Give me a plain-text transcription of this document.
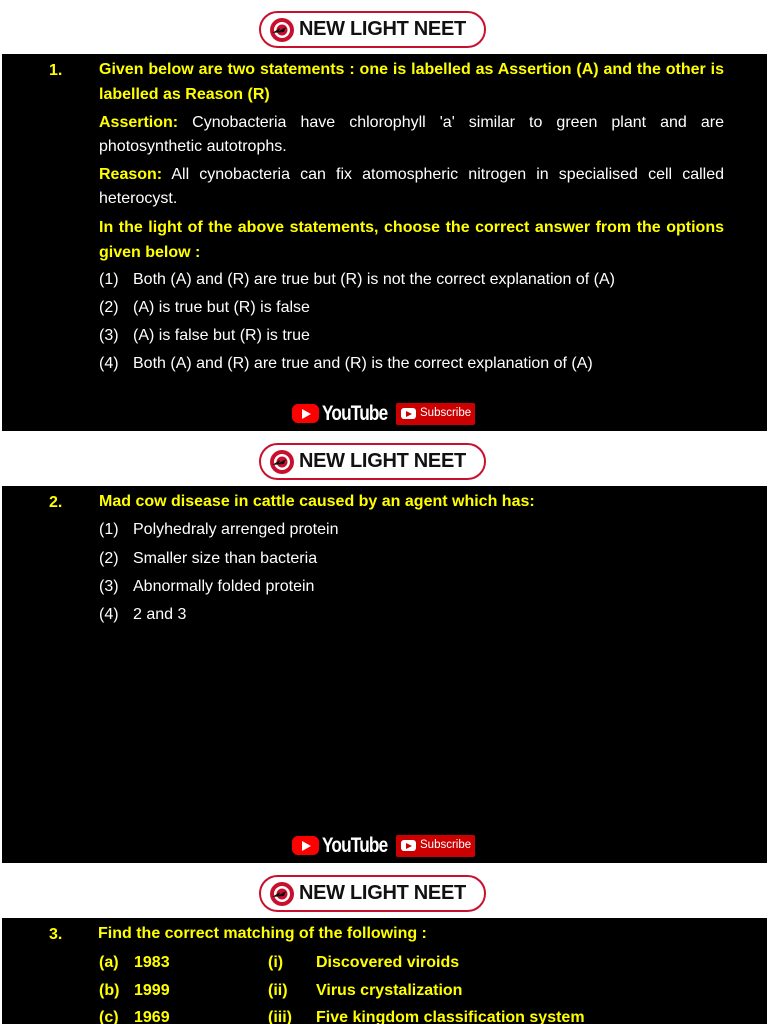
NEW LIGHT NEET
1. Given below are two statements : one is labelled as Assertion (A) and the other is labelled as Reason (R)
Assertion: Cynobacteria have chlorophyll 'a' similar to green plant and are photosynthetic autotrophs.
Reason: All cynobacteria can fix atomospheric nitrogen in specialised cell called heterocyst.
In the light of the above statements, choose the correct answer from the options given below :
(1) Both (A) and (R) are true but (R) is not the correct explanation of (A)
(2) (A) is true but (R) is false
(3) (A) is false but (R) is true
(4) Both (A) and (R) are true and (R) is the correct explanation of (A)
YouTube	Subscribe
NEW LIGHT NEET
2. Mad cow disease in cattle caused by an agent which has:
(1) Polyhedraly arrenged protein
(2) Smaller size than bacteria
(3) Abnormally folded protein
(4) 2 and 3
YouTube	Subscribe
NEW LIGHT NEET
3. Find the correct matching of the following :
(a) 1983	(i) Discovered viroids
(b) 1999	(ii) Virus crystalization
(c) 1969	(iii) Five kingdom classification system
